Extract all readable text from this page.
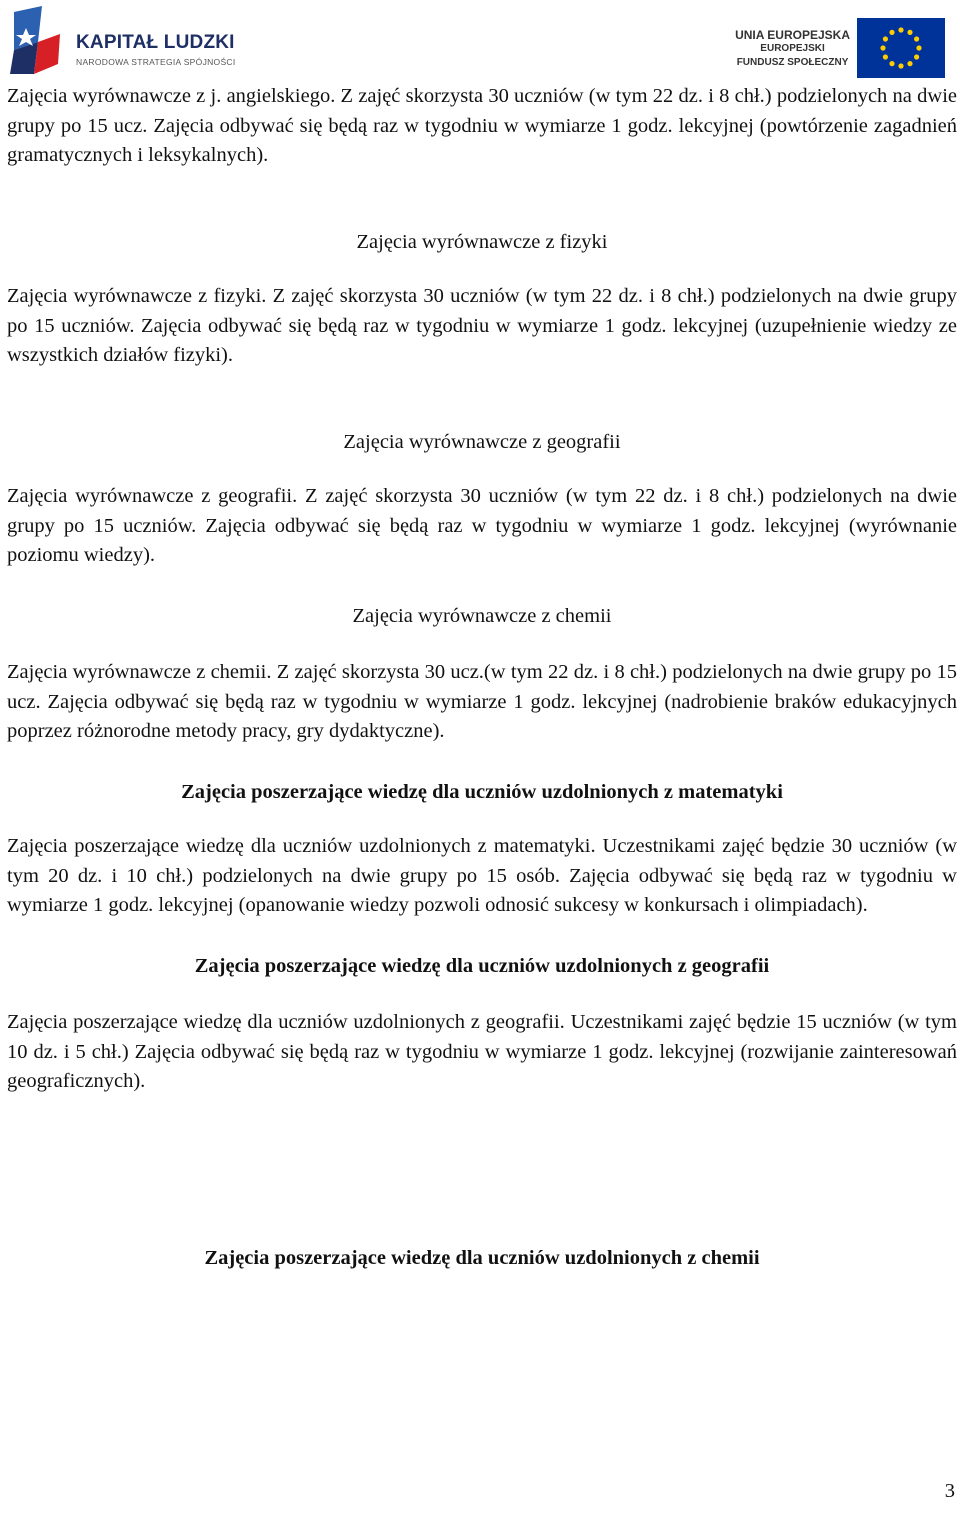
KAPITAŁ LUDZKI
NARODOWA STRATEGIA SPÓJNOŚCI
UNIA EUROPEJSKA
EUROPEJSKI
FUNDUSZ SPOŁECZNY

Zajęcia wyrównawcze z j. angielskiego. Z zajęć skorzysta 30 uczniów (w tym 22 dz. i 8 chł.) podzielonych na dwie grupy po 15 ucz. Zajęcia odbywać się będą raz w tygodniu w wymiarze 1 godz. lekcyjnej (powtórzenie zagadnień gramatycznych i leksykalnych).

Zajęcia wyrównawcze z fizyki

Zajęcia wyrównawcze z fizyki. Z zajęć skorzysta 30 uczniów (w tym 22 dz. i 8 chł.) podzielonych na dwie grupy po 15 uczniów. Zajęcia odbywać się będą raz w tygodniu w wymiarze 1 godz. lekcyjnej (uzupełnienie wiedzy ze wszystkich działów fizyki).

Zajęcia wyrównawcze z geografii

Zajęcia wyrównawcze z geografii. Z zajęć skorzysta 30 uczniów (w tym 22 dz. i 8 chł.) podzielonych na dwie grupy po 15 uczniów. Zajęcia odbywać się będą raz w tygodniu w wymiarze 1 godz. lekcyjnej (wyrównanie poziomu wiedzy).

Zajęcia wyrównawcze z chemii

Zajęcia wyrównawcze z chemii. Z zajęć skorzysta 30 ucz.(w tym 22 dz. i 8 chł.) podzielonych na dwie grupy po 15 ucz. Zajęcia odbywać się będą raz w tygodniu w wymiarze 1 godz. lekcyjnej (nadrobienie braków edukacyjnych poprzez różnorodne metody pracy, gry dydaktyczne).

Zajęcia poszerzające wiedzę dla uczniów uzdolnionych z matematyki

Zajęcia poszerzające wiedzę dla uczniów uzdolnionych z matematyki. Uczestnikami zajęć będzie 30 uczniów (w tym 20 dz. i 10 chł.) podzielonych na dwie grupy po 15 osób. Zajęcia odbywać się będą raz w tygodniu w wymiarze 1 godz. lekcyjnej (opanowanie wiedzy pozwoli odnosić sukcesy w konkursach i olimpiadach).

Zajęcia poszerzające wiedzę dla uczniów uzdolnionych z geografii

Zajęcia poszerzające wiedzę dla uczniów uzdolnionych z geografii. Uczestnikami zajęć będzie 15 uczniów (w tym 10 dz. i 5 chł.) Zajęcia odbywać się będą raz w tygodniu w wymiarze 1 godz. lekcyjnej (rozwijanie zainteresowań geograficznych).

Zajęcia poszerzające wiedzę dla uczniów uzdolnionych z chemii

3
